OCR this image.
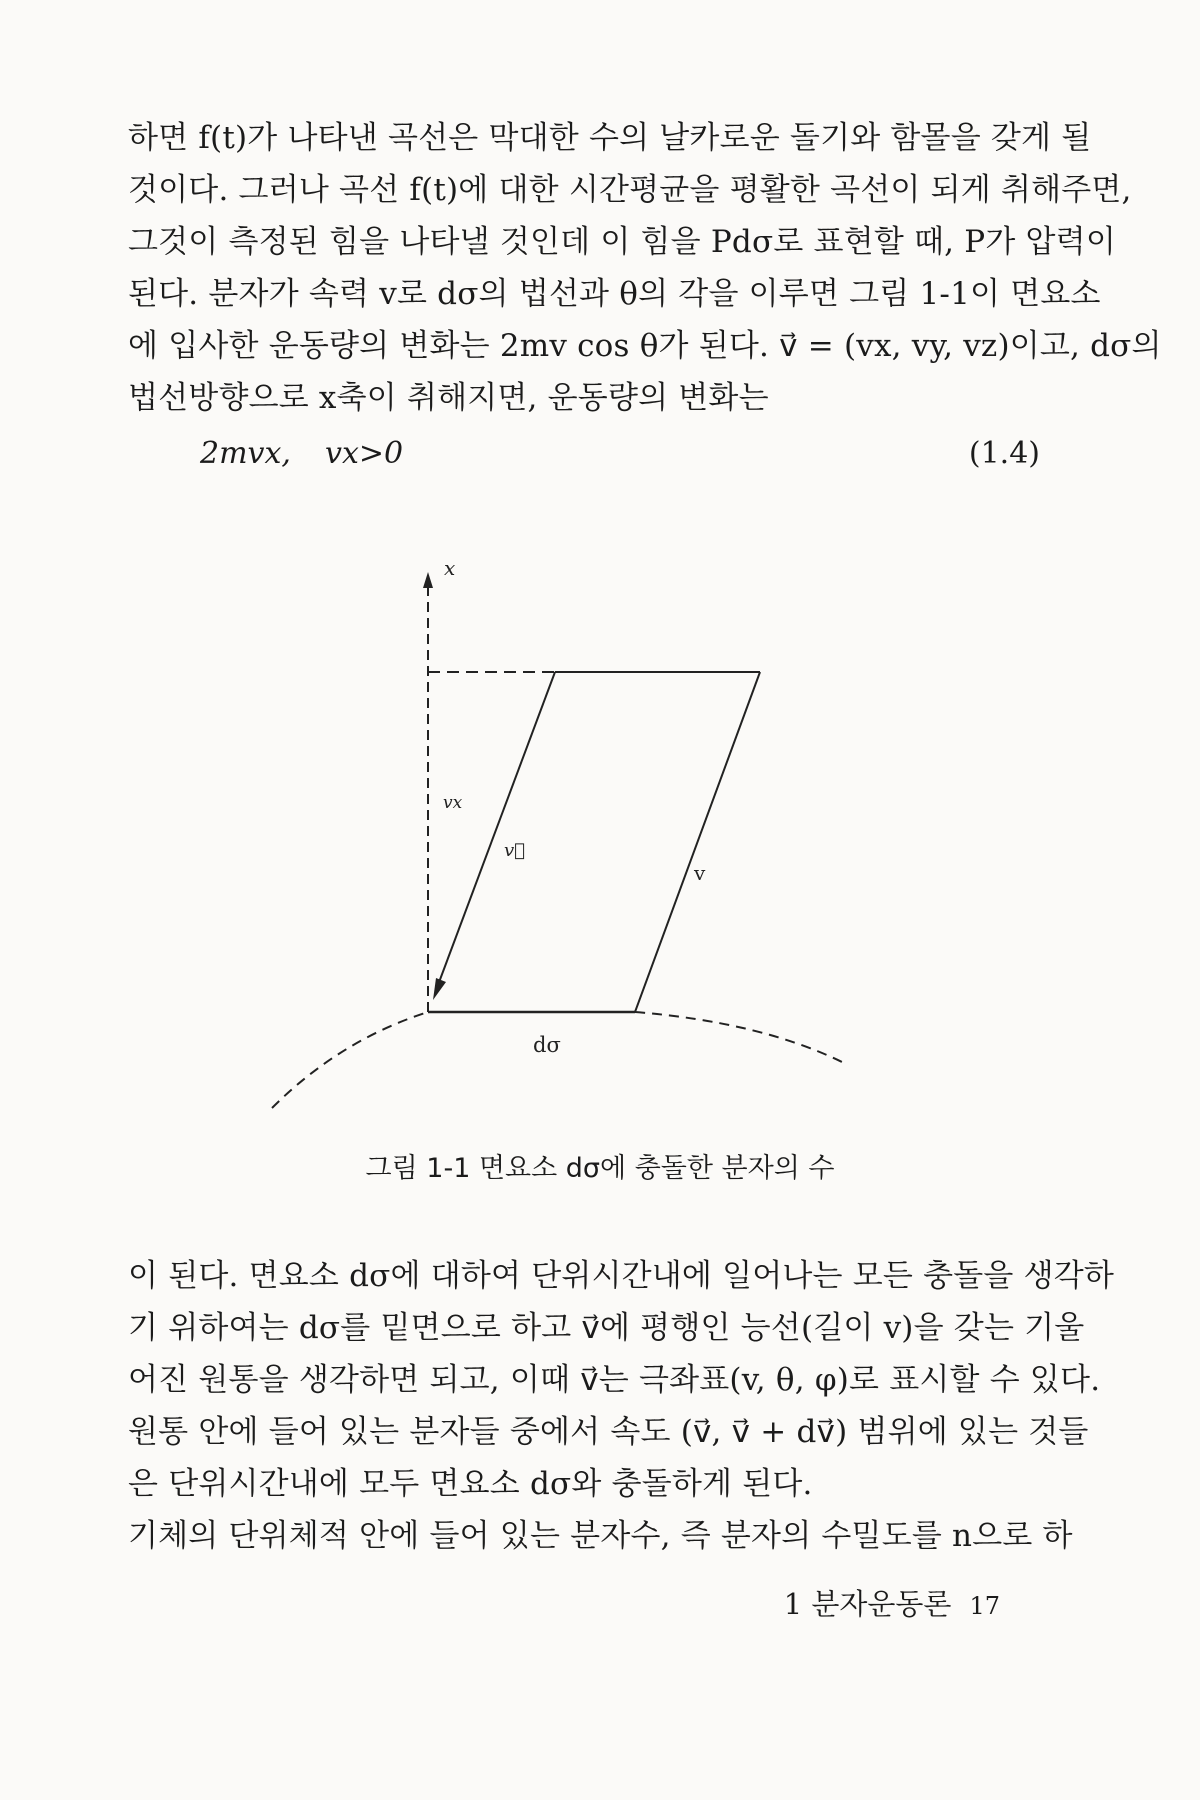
하면 f(t)가 나타낸 곡선은 막대한 수의 날카로운 돌기와 함몰을 갖게 될
것이다. 그러나 곡선 f(t)에 대한 시간평균을 평활한 곡선이 되게 취해주면,
그것이 측정된 힘을 나타낼 것인데 이 힘을 Pdσ로 표현할 때, P가 압력이
된다. 분자가 속력 v로 dσ의 법선과 θ의 각을 이루면 그림 1-1이 면요소
에 입사한 운동량의 변화는 2mv cos θ가 된다. v⃗ = (vx, vy, vz)이고, dσ의
법선방향으로 x축이 취해지면, 운동량의 변화는
2mvx, vx>0	(1.4)
x
vx
v⃗
v
dσ
그림 1-1 면요소 dσ에 충돌한 분자의 수
이 된다. 면요소 dσ에 대하여 단위시간내에 일어나는 모든 충돌을 생각하
기 위하여는 dσ를 밑면으로 하고 v⃗에 평행인 능선(길이 v)을 갖는 기울
어진 원통을 생각하면 되고, 이때 v⃗는 극좌표(v, θ, φ)로 표시할 수 있다.
원통 안에 들어 있는 분자들 중에서 속도 (v⃗, v⃗ + dv⃗) 범위에 있는 것들
은 단위시간내에 모두 면요소 dσ와 충돌하게 된다.
기체의 단위체적 안에 들어 있는 분자수, 즉 분자의 수밀도를 n으로 하
1 분자운동론 17
